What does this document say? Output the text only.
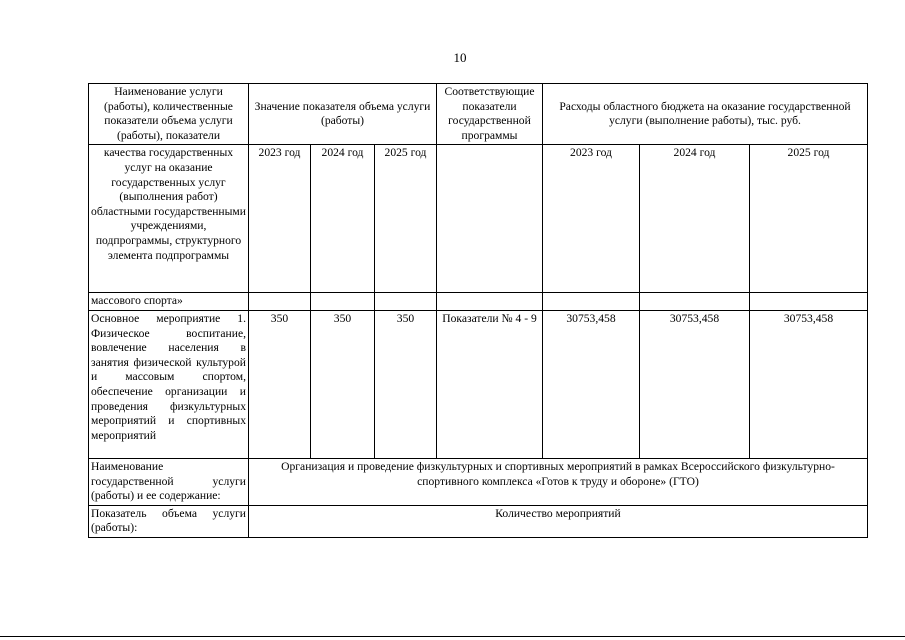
10
Наименование услуги (работы), количественные показатели объема услуги (работы), показатели	Значение показателя объема услуги (работы)			Соответствующие показатели государственной программы	Расходы областного бюджета на оказание государственной услуги (выполнение работы), тыс. руб.		
качества государственных услуг на оказание государственных услуг (выполнения работ) областными государственными учреждениями, подпрограммы, структурного элемента подпрограммы	2023 год	2024 год	2025 год		2023 год	2024 год	2025 год
массового спорта»							
Основное мероприятие 1. Физическое воспитание, вовлечение населения в занятия физической культурой и массовым спортом, обеспечение организации и проведения физкультурных мероприятий и спортивных мероприятий	350	350	350	Показатели № 4 - 9	30753,458	30753,458	30753,458
Наименование государственной услуги (работы) и ее содержание:	Организация и проведение физкультурных и спортивных мероприятий в рамках Всероссийского физкультурно-спортивного комплекса «Готов к труду и обороне» (ГТО)						
Показатель объема услуги (работы):	Количество мероприятий						
